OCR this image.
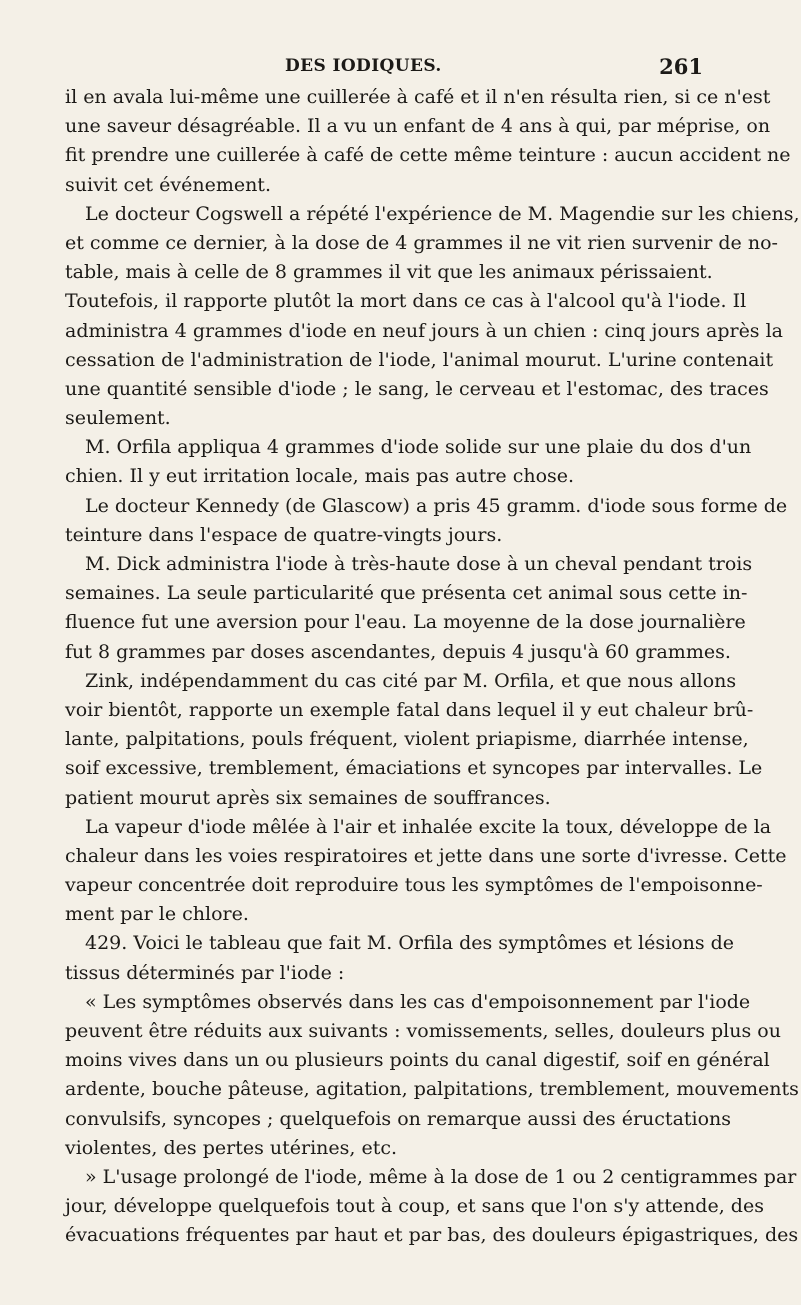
DES IODIQUES.	261
il en avala lui-même une cuillerée à café et il n'en résulta rien, si ce n'est
une saveur désagréable. Il a vu un enfant de 4 ans à qui, par méprise, on
fit prendre une cuillerée à café de cette même teinture : aucun accident ne
suivit cet événement.
Le docteur Cogswell a répété l'expérience de M. Magendie sur les chiens,
et comme ce dernier, à la dose de 4 grammes il ne vit rien survenir de no-
table, mais à celle de 8 grammes il vit que les animaux périssaient.
Toutefois, il rapporte plutôt la mort dans ce cas à l'alcool qu'à l'iode. Il
administra 4 grammes d'iode en neuf jours à un chien : cinq jours après la
cessation de l'administration de l'iode, l'animal mourut. L'urine contenait
une quantité sensible d'iode ; le sang, le cerveau et l'estomac, des traces
seulement.
M. Orfila appliqua 4 grammes d'iode solide sur une plaie du dos d'un
chien. Il y eut irritation locale, mais pas autre chose.
Le docteur Kennedy (de Glascow) a pris 45 gramm. d'iode sous forme de
teinture dans l'espace de quatre-vingts jours.
M. Dick administra l'iode à très-haute dose à un cheval pendant trois
semaines. La seule particularité que présenta cet animal sous cette in-
fluence fut une aversion pour l'eau. La moyenne de la dose journalière
fut 8 grammes par doses ascendantes, depuis 4 jusqu'à 60 grammes.
Zink, indépendamment du cas cité par M. Orfila, et que nous allons
voir bientôt, rapporte un exemple fatal dans lequel il y eut chaleur brû-
lante, palpitations, pouls fréquent, violent priapisme, diarrhée intense,
soif excessive, tremblement, émaciations et syncopes par intervalles. Le
patient mourut après six semaines de souffrances.
La vapeur d'iode mêlée à l'air et inhalée excite la toux, développe de la
chaleur dans les voies respiratoires et jette dans une sorte d'ivresse. Cette
vapeur concentrée doit reproduire tous les symptômes de l'empoisonne-
ment par le chlore.
429. Voici le tableau que fait M. Orfila des symptômes et lésions de
tissus déterminés par l'iode :
« Les symptômes observés dans les cas d'empoisonnement par l'iode
peuvent être réduits aux suivants : vomissements, selles, douleurs plus ou
moins vives dans un ou plusieurs points du canal digestif, soif en général
ardente, bouche pâteuse, agitation, palpitations, tremblement, mouvements
convulsifs, syncopes ; quelquefois on remarque aussi des éructations
violentes, des pertes utérines, etc.
» L'usage prolongé de l'iode, même à la dose de 1 ou 2 centigrammes par
jour, développe quelquefois tout à coup, et sans que l'on s'y attende, des
évacuations fréquentes par haut et par bas, des douleurs épigastriques, des
